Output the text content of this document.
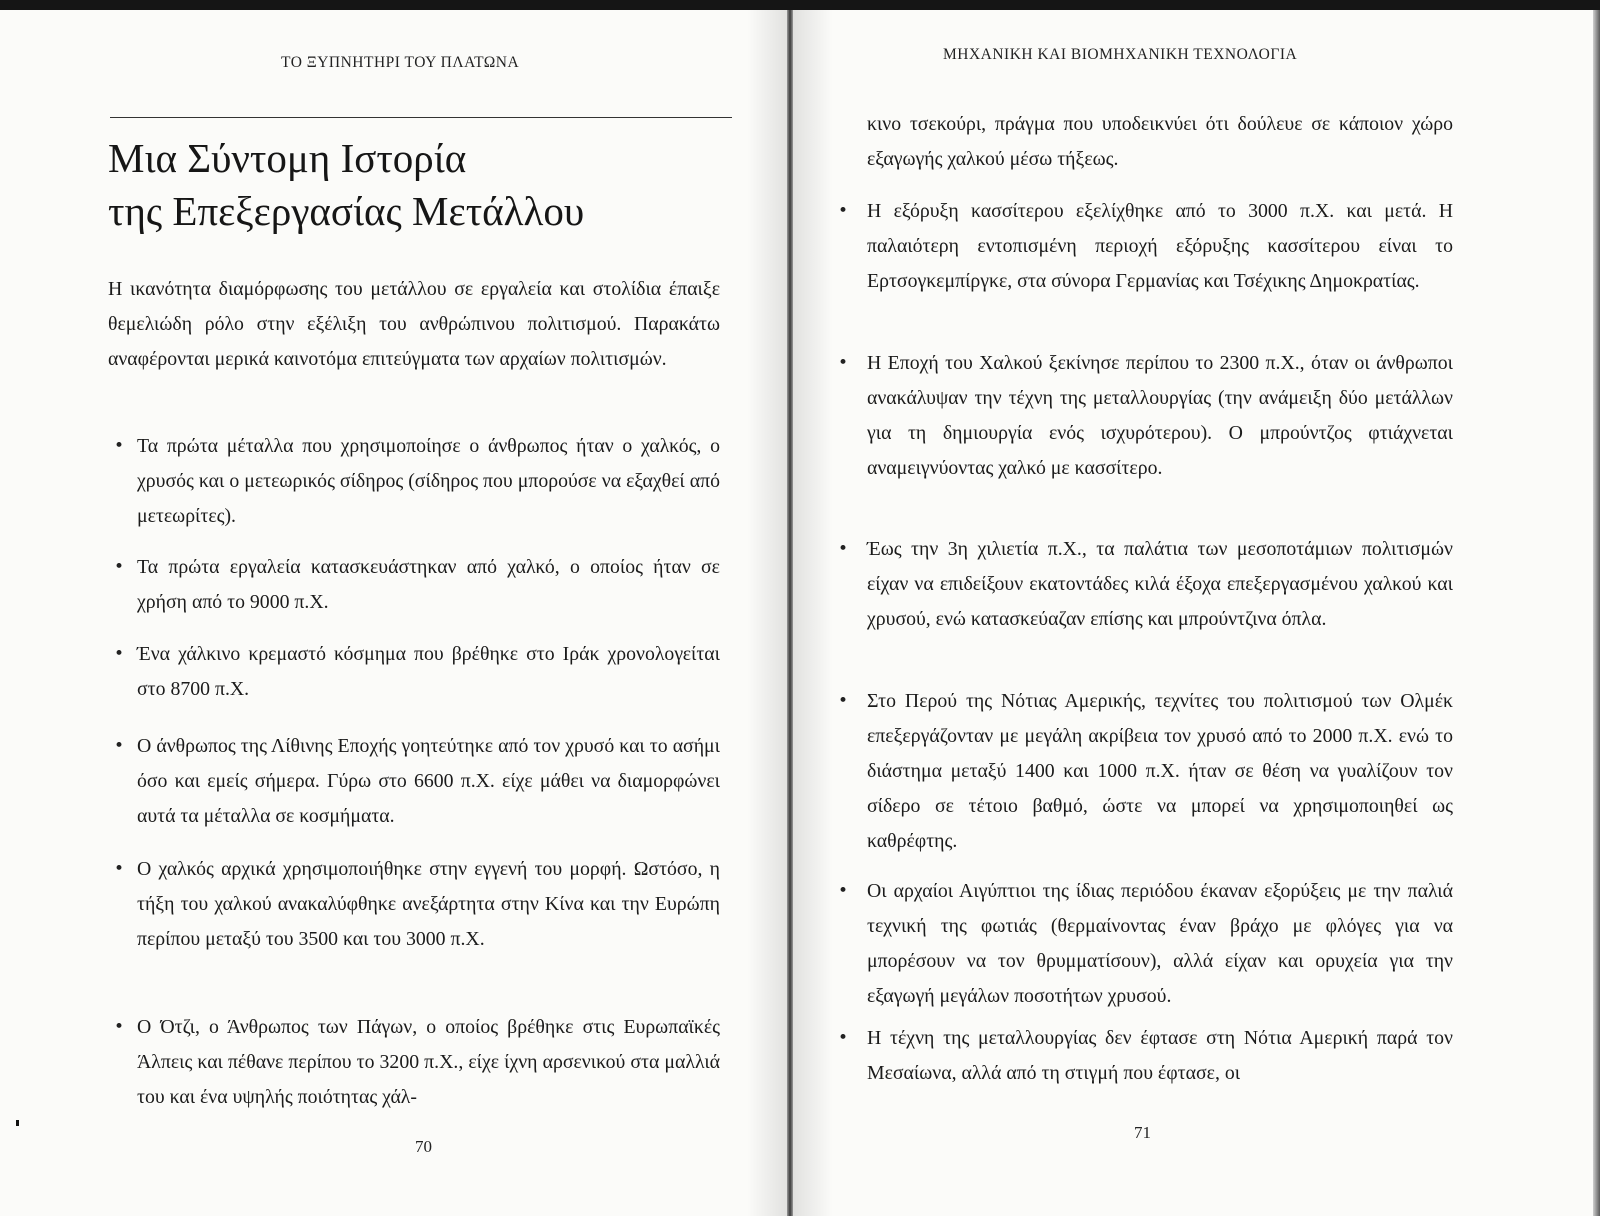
ΤΟ ΞΥΠΝΗΤΗΡΙ ΤΟΥ ΠΛΑΤΩΝΑ
Μια Σύντομη Ιστορία
της Επεξεργασίας Μετάλλου
Η ικανότητα διαμόρφωσης του μετάλλου σε εργαλεία και στολίδια έπαιξε θεμελιώδη ρόλο στην εξέλιξη του ανθρώπινου πολιτισμού. Παρακάτω αναφέρονται μερικά καινοτόμα επιτεύγματα των αρχαίων πολιτισμών.
• Τα πρώτα μέταλλα που χρησιμοποίησε ο άνθρωπος ήταν ο χαλκός, ο χρυσός και ο μετεωρικός σίδηρος (σίδηρος που μπορούσε να εξαχθεί από μετεωρίτες).
• Τα πρώτα εργαλεία κατασκευάστηκαν από χαλκό, ο οποίος ήταν σε χρήση από το 9000 π.Χ.
• Ένα χάλκινο κρεμαστό κόσμημα που βρέθηκε στο Ιράκ χρονολογείται στο 8700 π.Χ.
• Ο άνθρωπος της Λίθινης Εποχής γοητεύτηκε από τον χρυσό και το ασήμι όσο και εμείς σήμερα. Γύρω στο 6600 π.Χ. είχε μάθει να διαμορφώνει αυτά τα μέταλλα σε κοσμήματα.
• Ο χαλκός αρχικά χρησιμοποιήθηκε στην εγγενή του μορφή. Ωστόσο, η τήξη του χαλκού ανακαλύφθηκε ανεξάρτητα στην Κίνα και την Ευρώπη περίπου μεταξύ του 3500 και του 3000 π.Χ.
• Ο Ότζι, ο Άνθρωπος των Πάγων, ο οποίος βρέθηκε στις Ευρωπαϊκές Άλπεις και πέθανε περίπου το 3200 π.Χ., είχε ίχνη αρσενικού στα μαλλιά του και ένα υψηλής ποιότητας χάλ-
70
ΜΗΧΑΝΙΚΗ ΚΑΙ ΒΙΟΜΗΧΑΝΙΚΗ ΤΕΧΝΟΛΟΓΙΑ
κινο τσεκούρι, πράγμα που υποδεικνύει ότι δούλευε σε κάποιον χώρο εξαγωγής χαλκού μέσω τήξεως.
• Η εξόρυξη κασσίτερου εξελίχθηκε από το 3000 π.Χ. και μετά. Η παλαιότερη εντοπισμένη περιοχή εξόρυξης κασσίτερου είναι το Ερτσογκεμπίργκε, στα σύνορα Γερμανίας και Τσέχικης Δημοκρατίας.
• Η Εποχή του Χαλκού ξεκίνησε περίπου το 2300 π.Χ., όταν οι άνθρωποι ανακάλυψαν την τέχνη της μεταλλουργίας (την ανάμειξη δύο μετάλλων για τη δημιουργία ενός ισχυρότερου). Ο μπρούντζος φτιάχνεται αναμειγνύοντας χαλκό με κασσίτερο.
• Έως την 3η χιλιετία π.Χ., τα παλάτια των μεσοποτάμιων πολιτισμών είχαν να επιδείξουν εκατοντάδες κιλά έξοχα επεξεργασμένου χαλκού και χρυσού, ενώ κατασκεύαζαν επίσης και μπρούντζινα όπλα.
• Στο Περού της Νότιας Αμερικής, τεχνίτες του πολιτισμού των Ολμέκ επεξεργάζονταν με μεγάλη ακρίβεια τον χρυσό από το 2000 π.Χ. ενώ το διάστημα μεταξύ 1400 και 1000 π.Χ. ήταν σε θέση να γυαλίζουν τον σίδερο σε τέτοιο βαθμό, ώστε να μπορεί να χρησιμοποιηθεί ως καθρέφτης.
• Οι αρχαίοι Αιγύπτιοι της ίδιας περιόδου έκαναν εξορύξεις με την παλιά τεχνική της φωτιάς (θερμαίνοντας έναν βράχο με φλόγες για να μπορέσουν να τον θρυμματίσουν), αλλά είχαν και ορυχεία για την εξαγωγή μεγάλων ποσοτήτων χρυσού.
• Η τέχνη της μεταλλουργίας δεν έφτασε στη Νότια Αμερική παρά τον Μεσαίωνα, αλλά από τη στιγμή που έφτασε, οι
71
